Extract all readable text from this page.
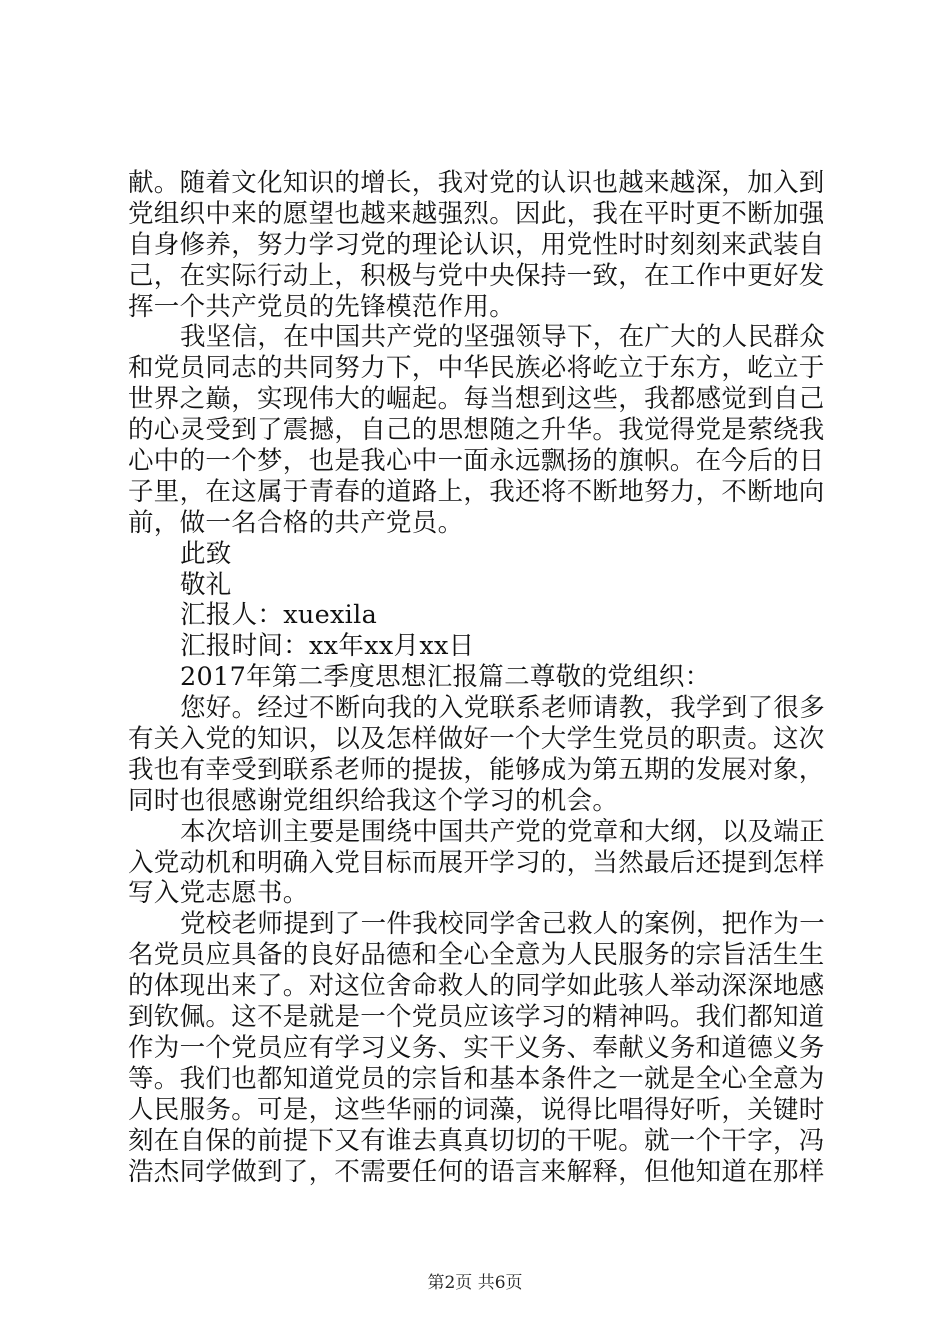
献。随着文化知识的增长，我对党的认识也越来越深，加入到
党组织中来的愿望也越来越强烈。因此，我在平时更不断加强
自身修养，努力学习党的理论认识，用党性时时刻刻来武装自
己，在实际行动上，积极与党中央保持一致，在工作中更好发
挥一个共产党员的先锋模范作用。
我坚信，在中国共产党的坚强领导下，在广大的人民群众
和党员同志的共同努力下，中华民族必将屹立于东方，屹立于
世界之巅，实现伟大的崛起。每当想到这些，我都感觉到自己
的心灵受到了震撼，自己的思想随之升华。我觉得党是萦绕我
心中的一个梦，也是我心中一面永远飘扬的旗帜。在今后的日
子里，在这属于青春的道路上，我还将不断地努力，不断地向
前，做一名合格的共产党员。
此致
敬礼
汇报人：xuexila
汇报时间：xx年xx月xx日
2017年第二季度思想汇报篇二尊敬的党组织：
您好。经过不断向我的入党联系老师请教，我学到了很多
有关入党的知识，以及怎样做好一个大学生党员的职责。这次
我也有幸受到联系老师的提拔，能够成为第五期的发展对象，
同时也很感谢党组织给我这个学习的机会。
本次培训主要是围绕中国共产党的党章和大纲，以及端正
入党动机和明确入党目标而展开学习的，当然最后还提到怎样
写入党志愿书。
党校老师提到了一件我校同学舍己救人的案例，把作为一
名党员应具备的良好品德和全心全意为人民服务的宗旨活生生
的体现出来了。对这位舍命救人的同学如此骇人举动深深地感
到钦佩。这不是就是一个党员应该学习的精神吗。我们都知道
作为一个党员应有学习义务、实干义务、奉献义务和道德义务
等。我们也都知道党员的宗旨和基本条件之一就是全心全意为
人民服务。可是，这些华丽的词藻，说得比唱得好听，关键时
刻在自保的前提下又有谁去真真切切的干呢。就一个干字，冯
浩杰同学做到了，不需要任何的语言来解释，但他知道在那样
第2页 共6页
